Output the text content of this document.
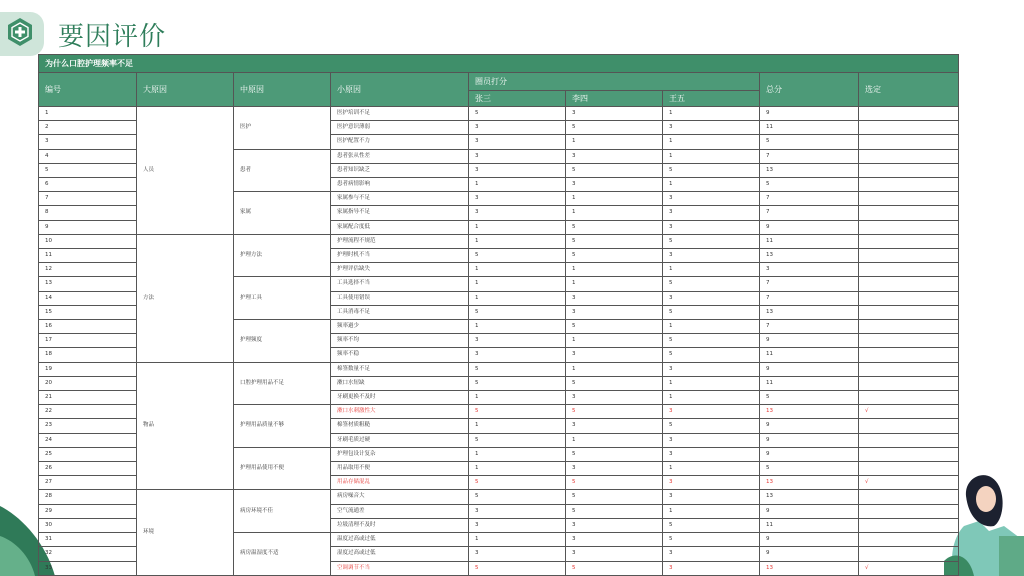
要因评价
为什么口腔护理频率不足								
编号	大原因	中原因	小原因	圈员打分			总分	选定
				张三	李四	王五		
1	人员	医护	医护培训不足	5	3	1	9	
2			医护意识薄弱	3	5	3	11	
3			医护配置不力	3	1	1	5	
4		患者	患者张从性差	3	3	1	7	
5			患者知识缺乏	3	5	5	13	
6			患者病情影响	1	3	1	5	
7		家属	家属参与不足	3	1	3	7	
8			家属指导不足	3	1	3	7	
9			家属配合度低	1	5	3	9	
10	方法	护理方法	护理流程不规范	1	5	5	11	
11			护理时机不当	5	5	3	13	
12			护理评估缺失	1	1	1	3	
13		护理工具	工具选择不当	1	1	5	7	
14			工具使用错误	1	3	3	7	
15			工具消毒不足	5	3	5	13	
16		护理频度	频率過少	1	5	1	7	
17			频率不均	3	1	5	9	
18			频率不稳	3	3	5	11	
19	物品	口腔护理用品不足	棉签数量不足	5	1	3	9	
20			漱口水短缺	5	5	1	11	
21			牙刷更换不及时	1	3	1	5	
22		护理用品质量不够	漱口水刺激性大	5	5	3	13	√
23			棉签材质粗糙	1	3	5	9	
24			牙刷毛质过硬	5	1	3	9	
25		护理用品使用不便	护理包设计复杂	1	5	3	9	
26			用品取用不便	1	3	1	5	
27			用品存储混乱	5	5	3	13	√
28	环境	病房环境不佳	病房噪音大	5	5	3	13	
29			空气流通差	3	5	1	9	
30			垃圾清理不及时	3	3	5	11	
31		病房温湿度不适	温度过高或过低	1	3	5	9	
32			湿度过高或过低	3	3	3	9	
33			空调调节不当	5	5	3	13	√
